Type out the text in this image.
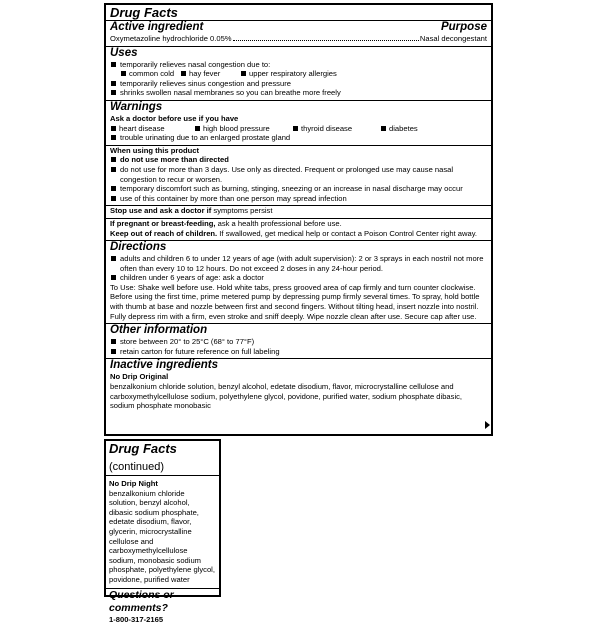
Drug Facts
Active ingredient	Purpose
Oxymetazoline hydrochloride 0.05%	Nasal decongestant
Uses
temporarily relieves nasal congestion due to:
common cold	hay fever	upper respiratory allergies
temporarily relieves sinus congestion and pressure
shrinks swollen nasal membranes so you can breathe more freely
Warnings
Ask a doctor before use if you have
heart disease	high blood pressure	thyroid disease	diabetes
trouble urinating due to an enlarged prostate gland
When using this product
do not use more than directed
do not use for more than 3 days. Use only as directed. Frequent or prolonged use may cause nasal congestion to recur or worsen.
temporary discomfort such as burning, stinging, sneezing or an increase in nasal discharge may occur
use of this container by more than one person may spread infection
Stop use and ask a doctor if symptoms persist
If pregnant or breast-feeding, ask a health professional before use.
Keep out of reach of children. If swallowed, get medical help or contact a Poison Control Center right away.
Directions
adults and children 6 to under 12 years of age (with adult supervision): 2 or 3 sprays in each nostril not more often than every 10 to 12 hours. Do not exceed 2 doses in any 24-hour period.
children under 6 years of age: ask a doctor
To Use: Shake well before use. Hold white tabs, press grooved area of cap firmly and turn counter clockwise. Before using the first time, prime metered pump by depressing pump firmly several times. To spray, hold bottle with thumb at base and nozzle between first and second fingers. Without tilting head, insert nozzle into nostril. Fully depress rim with a firm, even stroke and sniff deeply. Wipe nozzle clean after use. Secure cap after use.
Other information
store between 20° to 25°C (68° to 77°F)
retain carton for future reference on full labeling
Inactive ingredients
No Drip Original
benzalkonium chloride solution, benzyl alcohol, edetate disodium, flavor, microcrystalline cellulose and carboxymethylcellulose sodium, polyethylene glycol, povidone, purified water, sodium phosphate dibasic, sodium phosphate monobasic
Drug Facts (continued)
No Drip Night
benzalkonium chloride
solution, benzyl alcohol,
dibasic sodium phosphate,
edetate disodium, flavor,
glycerin, microcrystalline
cellulose and
carboxymethylcellulose
sodium, monobasic sodium
phosphate, polyethylene glycol,
povidone, purified water
Questions or comments?
1-800-317-2165
